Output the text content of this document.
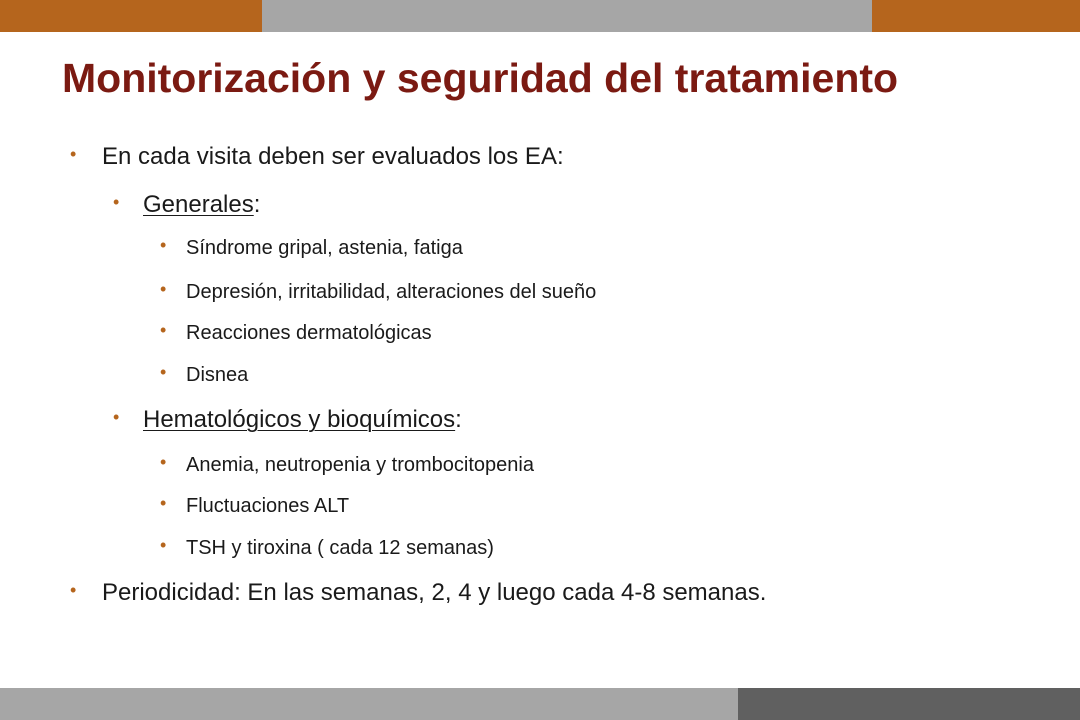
Monitorización y seguridad del tratamiento
• En cada visita deben ser evaluados los EA:
• Generales:
• Síndrome gripal, astenia, fatiga
• Depresión, irritabilidad, alteraciones del sueño
• Reacciones dermatológicas
• Disnea
• Hematológicos y bioquímicos:
• Anemia, neutropenia y trombocitopenia
• Fluctuaciones ALT
• TSH y tiroxina ( cada 12 semanas)
• Periodicidad: En las semanas, 2, 4 y luego cada 4-8 semanas.
